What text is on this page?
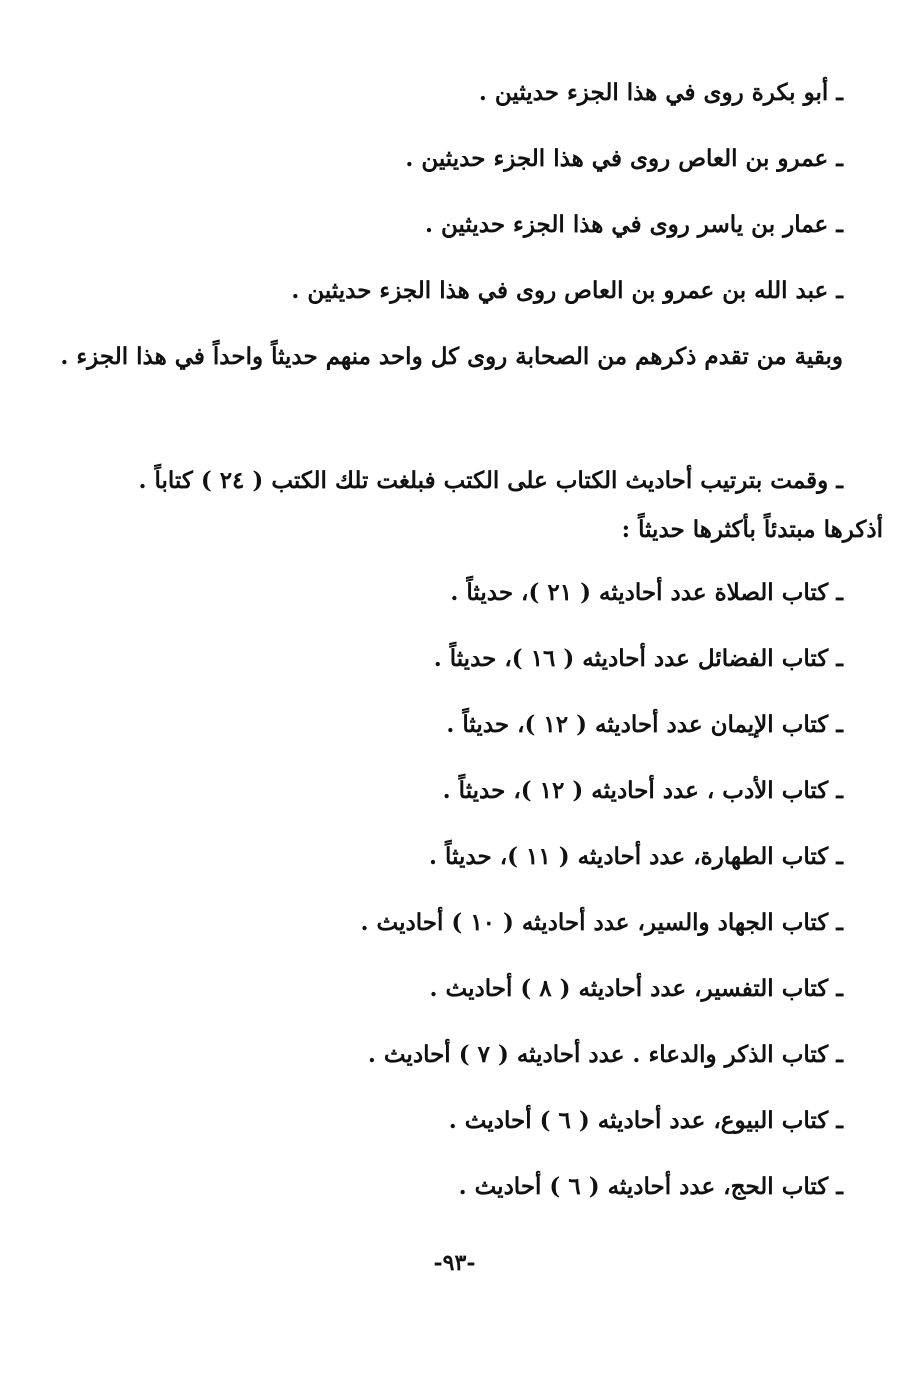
ـ أبو بكرة روى في هذا الجزء حديثين .
ـ عمرو بن العاص روى في هذا الجزء حديثين .
ـ عمار بن ياسر روى في هذا الجزء حديثين .
ـ عبد الله بن عمرو بن العاص روى في هذا الجزء حديثين .
وبقية من تقدم ذكرهم من الصحابة روى كل واحد منهم حديثاً واحداً في هذا الجزء .
ـ وقمت بترتيب أحاديث الكتاب على الكتب فبلغت تلك الكتب ( ٢٤ ) كتاباً .
أذكرها مبتدئاً بأكثرها حديثاً :
ـ كتاب الصلاة عدد أحاديثه ( ٢١ )، حديثاً .
ـ كتاب الفضائل عدد أحاديثه ( ١٦ )، حديثاً .
ـ كتاب الإيمان عدد أحاديثه ( ١٢ )، حديثاً .
ـ كتاب الأدب ، عدد أحاديثه ( ١٢ )، حديثاً .
ـ كتاب الطهارة، عدد أحاديثه ( ١١ )، حديثاً .
ـ كتاب الجهاد والسير، عدد أحاديثه ( ١٠ ) أحاديث .
ـ كتاب التفسير، عدد أحاديثه ( ٨ ) أحاديث .
ـ كتاب الذكر والدعاء . عدد أحاديثه ( ٧ ) أحاديث .
ـ كتاب البيوع، عدد أحاديثه ( ٦ ) أحاديث .
ـ كتاب الحج، عدد أحاديثه ( ٦ ) أحاديث .
-٩٣-
